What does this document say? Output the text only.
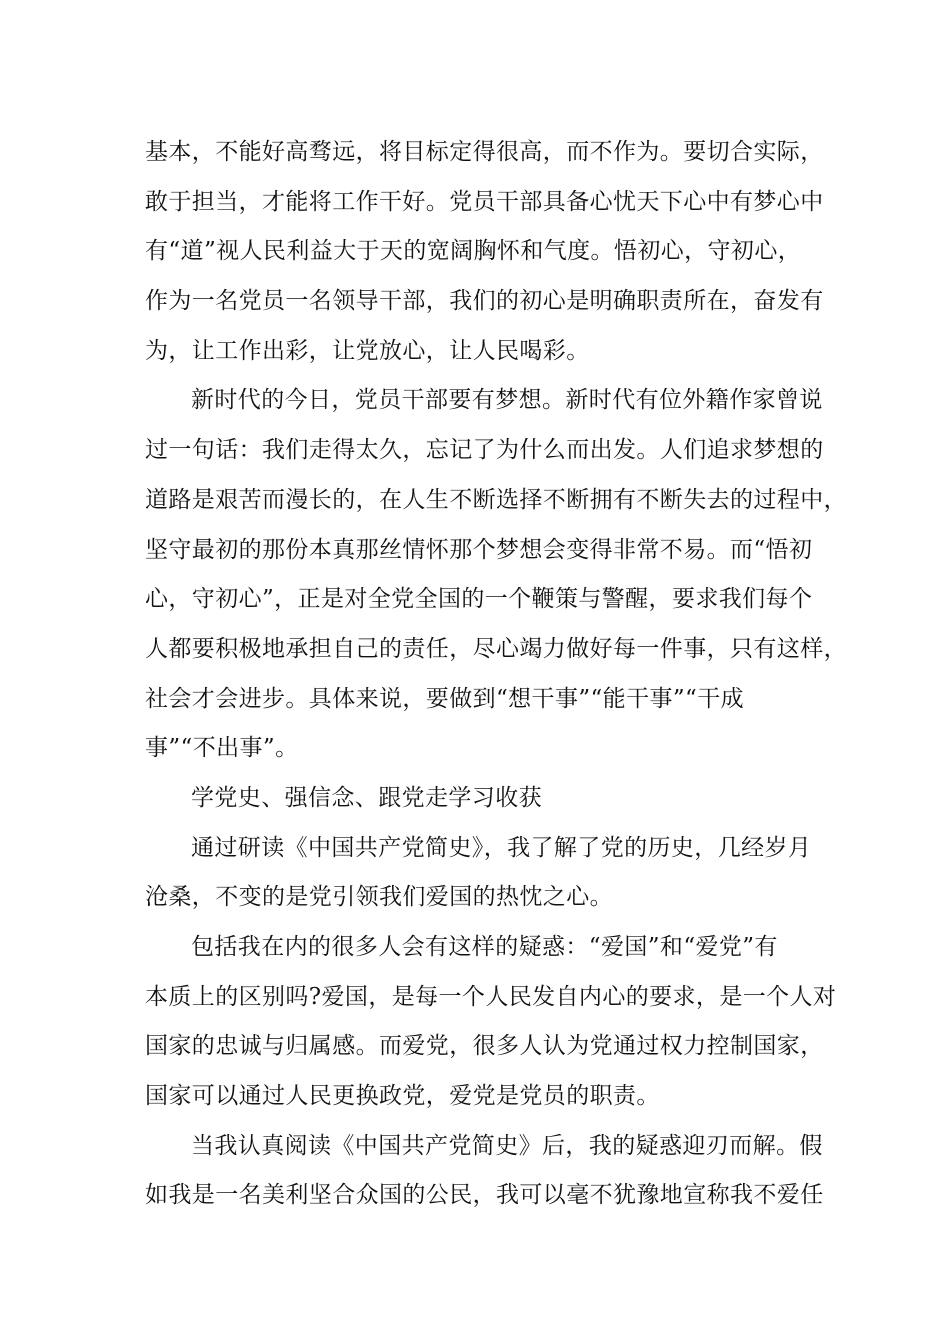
基本，不能好高骛远，将目标定得很高，而不作为。要切合实际，
敢于担当，才能将工作干好。党员干部具备心忧天下心中有梦心中
有“道”视人民利益大于天的宽阔胸怀和气度。悟初心，守初心，
作为一名党员一名领导干部，我们的初心是明确职责所在，奋发有
为，让工作出彩，让党放心，让人民喝彩。
新时代的今日，党员干部要有梦想。新时代有位外籍作家曾说
过一句话：我们走得太久，忘记了为什么而出发。人们追求梦想的
道路是艰苦而漫长的，在人生不断选择不断拥有不断失去的过程中，
坚守最初的那份本真那丝情怀那个梦想会变得非常不易。而“悟初
心，守初心”，正是对全党全国的一个鞭策与警醒，要求我们每个
人都要积极地承担自己的责任，尽心竭力做好每一件事，只有这样，
社会才会进步。具体来说，要做到“想干事”“能干事”“干成
事”“不出事”。
学党史、强信念、跟党走学习收获
通过研读《中国共产党简史》，我了解了党的历史，几经岁月
沧桑，不变的是党引领我们爱国的热忱之心。
包括我在内的很多人会有这样的疑惑：“爱国”和“爱党”有
本质上的区别吗?爱国，是每一个人民发自内心的要求，是一个人对
国家的忠诚与归属感。而爱党，很多人认为党通过权力控制国家，
国家可以通过人民更换政党，爱党是党员的职责。
当我认真阅读《中国共产党简史》后，我的疑惑迎刃而解。假
如我是一名美利坚合众国的公民，我可以毫不犹豫地宣称我不爱任
